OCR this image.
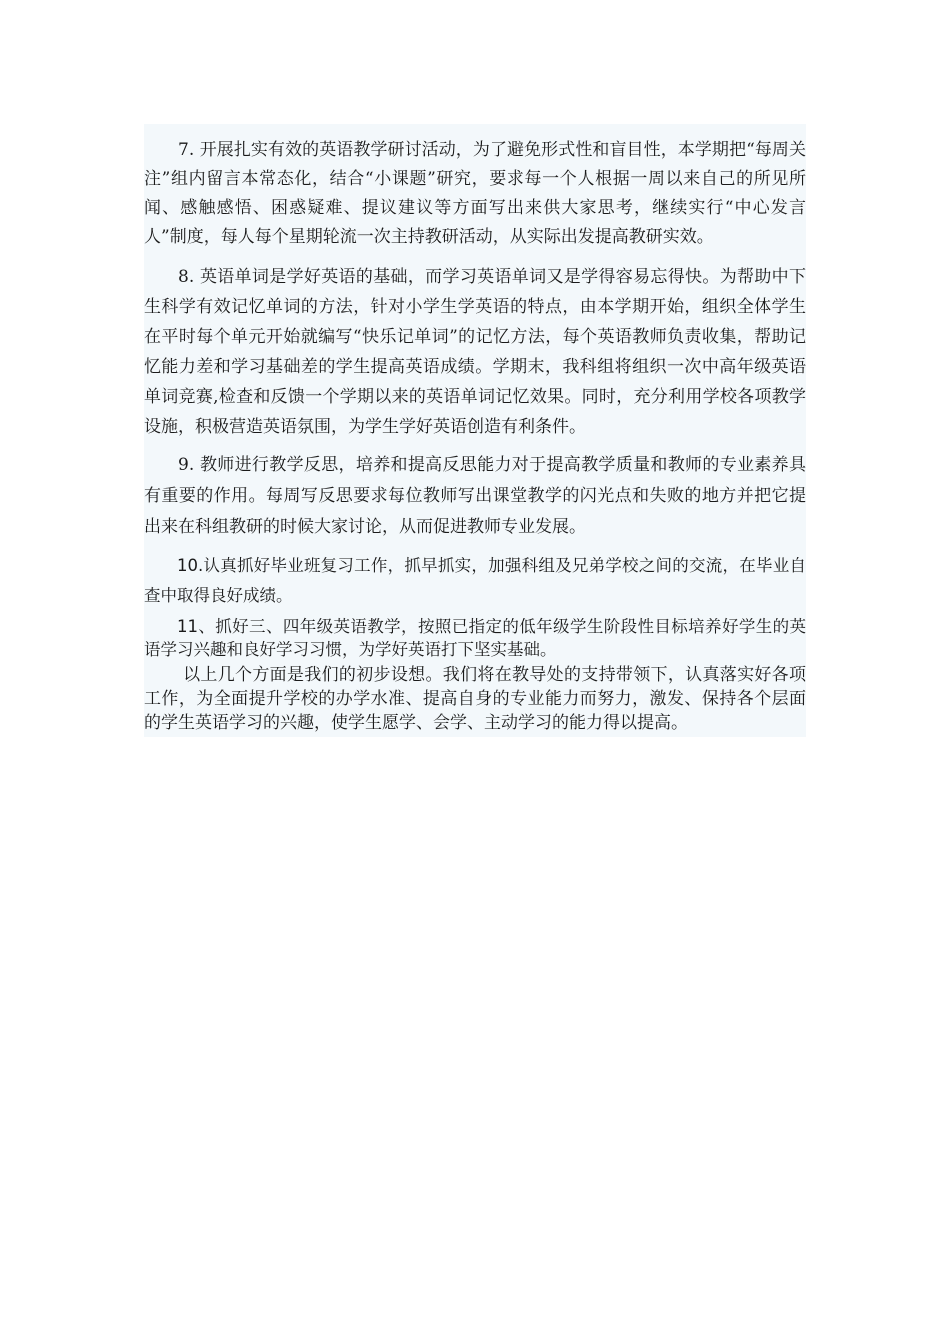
7. 开展扎实有效的英语教学研讨活动，为了避免形式性和盲目性，本学期把“每周关注”组内留言本常态化，结合“小课题”研究，要求每一个人根据一周以来自己的所见所闻、感触感悟、困惑疑难、提议建议等方面写出来供大家思考，继续实行“中心发言人”制度，每人每个星期轮流一次主持教研活动，从实际出发提高教研实效。

8. 英语单词是学好英语的基础，而学习英语单词又是学得容易忘得快。为帮助中下生科学有效记忆单词的方法，针对小学生学英语的特点，由本学期开始，组织全体学生在平时每个单元开始就编写“快乐记单词”的记忆方法，每个英语教师负责收集，帮助记忆能力差和学习基础差的学生提高英语成绩。学期末，我科组将组织一次中高年级英语单词竞赛,检查和反馈一个学期以来的英语单词记忆效果。同时，充分利用学校各项教学设施，积极营造英语氛围，为学生学好英语创造有利条件。

9. 教师进行教学反思，培养和提高反思能力对于提高教学质量和教师的专业素养具有重要的作用。每周写反思要求每位教师写出课堂教学的闪光点和失败的地方并把它提出来在科组教研的时候大家讨论，从而促进教师专业发展。

10.认真抓好毕业班复习工作，抓早抓实，加强科组及兄弟学校之间的交流，在毕业自查中取得良好成绩。

11、抓好三、四年级英语教学，按照已指定的低年级学生阶段性目标培养好学生的英语学习兴趣和良好学习习惯，为学好英语打下坚实基础。

以上几个方面是我们的初步设想。我们将在教导处的支持带领下，认真落实好各项工作，为全面提升学校的办学水准、提高自身的专业能力而努力，激发、保持各个层面的学生英语学习的兴趣，使学生愿学、会学、主动学习的能力得以提高。
